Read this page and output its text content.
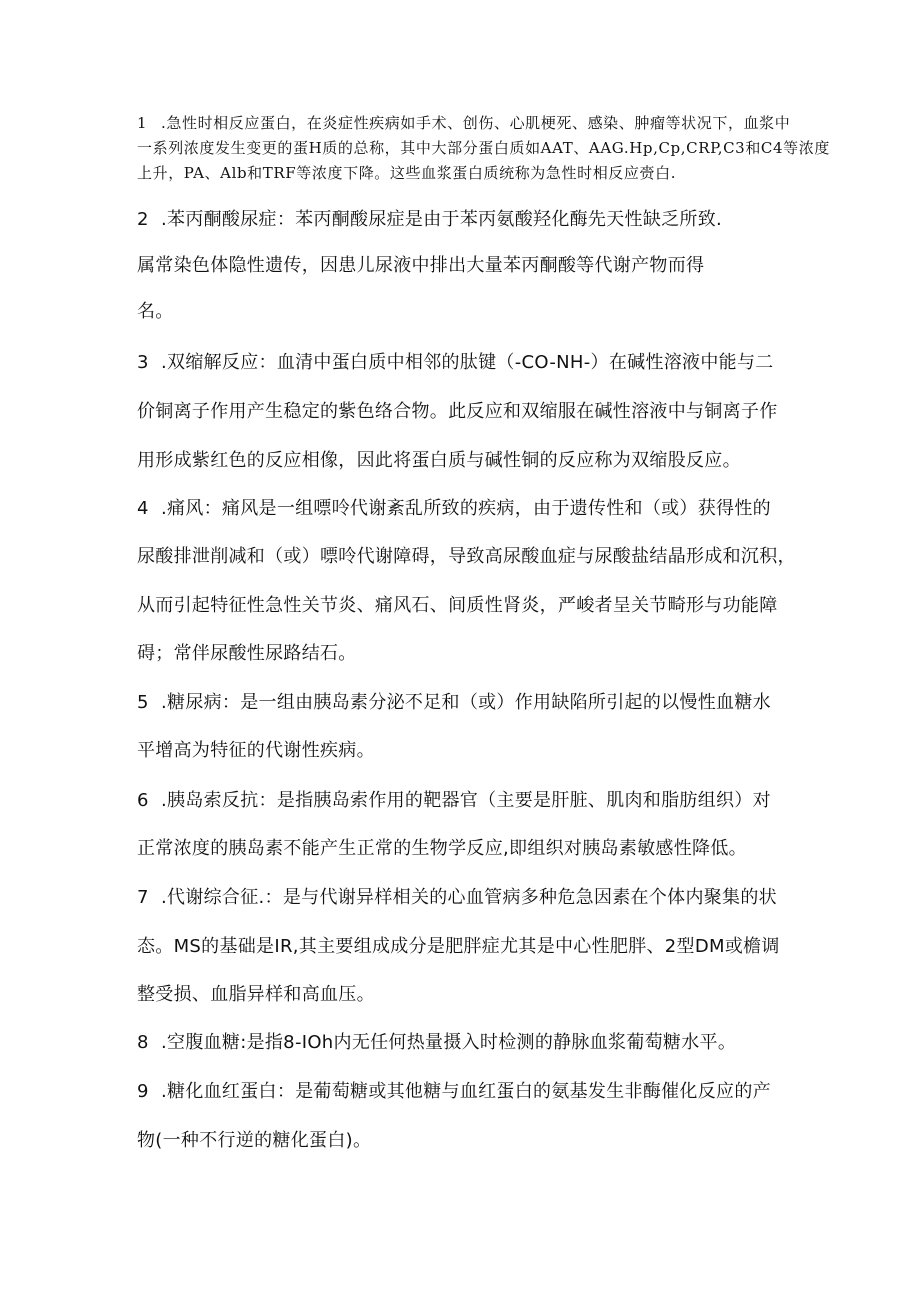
1 .急性时相反应蛋白，在炎症性疾病如手术、创伤、心肌梗死、感染、肿瘤等状况下，血浆中

一系列浓度发生变更的蛋H质的总称，其中大部分蛋白质如AAT、AAG.Hp,Cp,CRP,C3和C4等浓度

上升，PA、Alb和TRF等浓度下降。这些血浆蛋白质统称为急性时相反应赍白.

2 .苯丙酮酸尿症：苯丙酮酸尿症是由于苯丙氨酸羟化酶先天性缺乏所致.

属常染色体隐性遗传，因患儿尿液中排出大量苯丙酮酸等代谢产物而得

名。

3 .双缩解反应：血清中蛋白质中相邻的肽键（-CO-NH-）在碱性溶液中能与二

价铜离子作用产生稳定的紫色络合物。此反应和双缩服在碱性溶液中与铜离子作

用形成紫红色的反应相像，因此将蛋白质与碱性铜的反应称为双缩股反应。

4 .痛风：痛风是一组嘌呤代谢紊乱所致的疾病，由于遗传性和（或）获得性的

尿酸排泄削减和（或）嘌呤代谢障碍，导致高尿酸血症与尿酸盐结晶形成和沉积，

从而引起特征性急性关节炎、痛风石、间质性肾炎，严峻者呈关节畸形与功能障

碍；常伴尿酸性尿路结石。

5 .糖尿病：是一组由胰岛素分泌不足和（或）作用缺陷所引起的以慢性血糖水

平增高为特征的代谢性疾病。

6 .胰岛索反抗：是指胰岛索作用的靶器官（主要是肝脏、肌肉和脂肪组织）对

正常浓度的胰岛素不能产生正常的生物学反应,即组织对胰岛素敏感性降低。

7 .代谢综合征.：是与代谢异样相关的心血管病多种危急因素在个体内聚集的状

态。MS的基础是IR,其主要组成成分是肥胖症尤其是中心性肥胖、2型DM或檐调

整受损、血脂异样和高血压。

8 .空腹血糖:是指8-IOh内无任何热量摄入时检测的静脉血浆葡萄糖水平。

9 .糖化血红蛋白：是葡萄糖或其他糖与血红蛋白的氨基发生非酶催化反应的产

物(一种不行逆的糖化蛋白)。
